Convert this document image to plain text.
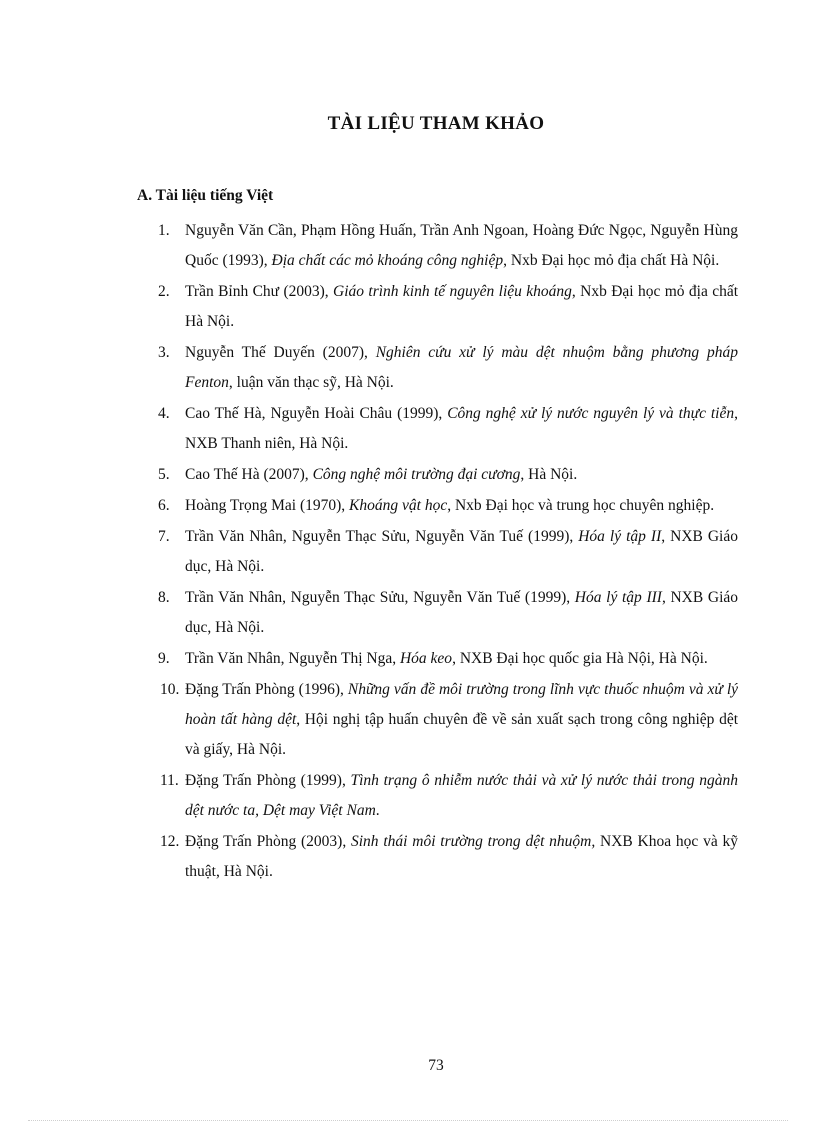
TÀI LIỆU THAM KHẢO
A. Tài liệu tiếng Việt
1. Nguyễn Văn Cần, Phạm Hồng Huấn, Trần Anh Ngoan, Hoàng Đức Ngọc, Nguyễn Hùng Quốc (1993), Địa chất các mỏ khoáng công nghiệp, Nxb Đại học mỏ địa chất Hà Nội.
2. Trần Bỉnh Chư (2003), Giáo trình kinh tế nguyên liệu khoáng, Nxb Đại học mỏ địa chất Hà Nội.
3. Nguyễn Thế Duyến (2007), Nghiên cứu xử lý màu dệt nhuộm bằng phương pháp Fenton, luận văn thạc sỹ, Hà Nội.
4. Cao Thế Hà, Nguyễn Hoài Châu (1999), Công nghệ xử lý nước nguyên lý và thực tiễn, NXB Thanh niên, Hà Nội.
5. Cao Thế Hà (2007), Công nghệ môi trường đại cương, Hà Nội.
6. Hoàng Trọng Mai (1970), Khoáng vật học, Nxb Đại học và trung học chuyên nghiệp.
7. Trần Văn Nhân, Nguyễn Thạc Sửu, Nguyễn Văn Tuế (1999), Hóa lý tập II, NXB Giáo dục, Hà Nội.
8. Trần Văn Nhân, Nguyễn Thạc Sửu, Nguyễn Văn Tuế (1999), Hóa lý tập III, NXB Giáo dục, Hà Nội.
9. Trần Văn Nhân, Nguyễn Thị Nga, Hóa keo, NXB Đại học quốc gia Hà Nội, Hà Nội.
10. Đặng Trấn Phòng (1996), Những vấn đề môi trường trong lĩnh vực thuốc nhuộm và xử lý hoàn tất hàng dệt, Hội nghị tập huấn chuyên đề về sản xuất sạch trong công nghiệp dệt và giấy, Hà Nội.
11. Đặng Trấn Phòng (1999), Tình trạng ô nhiễm nước thải và xử lý nước thải trong ngành dệt nước ta, Dệt may Việt Nam.
12. Đặng Trấn Phòng (2003), Sinh thái môi trường trong dệt nhuộm, NXB Khoa học và kỹ thuật, Hà Nội.
73
